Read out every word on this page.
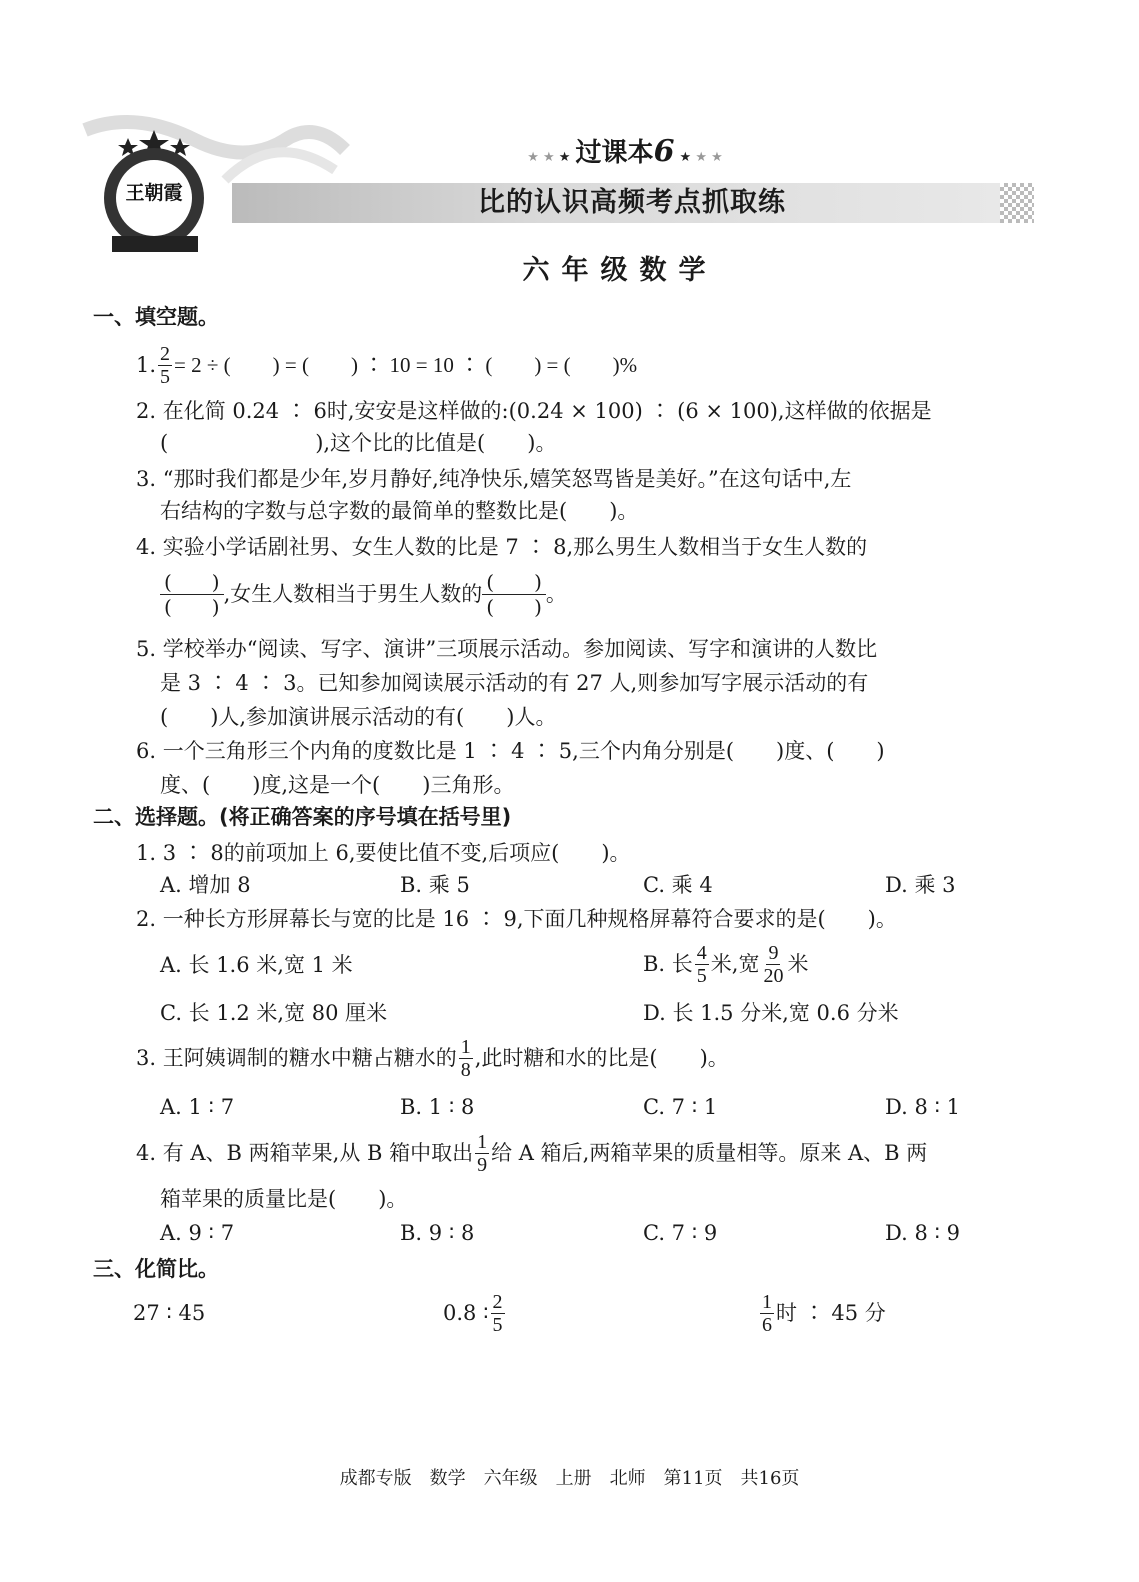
王朝霞
★ ★ ★ 过课本6 ★ ★ ★
比的认识高频考点抓取练
六年级数学
一、填空题。
1. $\frac{2}{5} = 2$ ÷ (　　) = (　　) ∶ 10 = 10 ∶ (　　) = (　　)%
2. 在化简 0.24 ∶ 6时,安安是这样做的:(0.24 × 100) ∶ (6 × 100),这样做的依据是
(　　　　　　　),这个比的比值是(　　)。
3. “那时我们都是少年,岁月静好,纯净快乐,嬉笑怒骂皆是美好。”在这句话中,左
右结构的字数与总字数的最简单的整数比是(　　)。
4. 实验小学话剧社男、女生人数的比是 7 ∶ 8,那么男生人数相当于女生人数的
(　　)
(　　)
,女生人数相当于男生人数的
(　　)
(　　)
。
5. 学校举办“阅读、写字、演讲”三项展示活动。参加阅读、写字和演讲的人数比
是 3 ∶ 4 ∶ 3。已知参加阅读展示活动的有 27 人,则参加写字展示活动的有
(　　)人,参加演讲展示活动的有(　　)人。
6. 一个三角形三个内角的度数比是 1 ∶ 4 ∶ 5,三个内角分别是(　　)度、(　　)
度、(　　)度,这是一个(　　)三角形。
二、选择题。(将正确答案的序号填在括号里)
1. 3 ∶ 8的前项加上 6,要使比值不变,后项应(　　)。
A. 增加 8	B. 乘 5	C. 乘 4	D. 乘 3
2. 一种长方形屏幕长与宽的比是 16 ∶ 9,下面几种规格屏幕符合要求的是(　　)。
A. 长 1.6 米,宽 1 米	B. 长 $\frac{4}{5}$ 米,宽 $\frac{9}{20}$ 米
C. 长 1.2 米,宽 80 厘米	D. 长 1.5 分米,宽 0.6 分米
3. 王阿姨调制的糖水中糖占糖水的 $\frac{1}{8}$ ,此时糖和水的比是(　　)。
A. 1 ∶ 7	B. 1 ∶ 8	C. 7 ∶ 1	D. 8 ∶ 1
4. 有 A、B 两箱苹果,从 B 箱中取出 $\frac{1}{9}$ 给 A 箱后,两箱苹果的质量相等。原来 A、B 两
箱苹果的质量比是(　　)。
A. 9 ∶ 7	B. 9 ∶ 8	C. 7 ∶ 9	D. 8 ∶ 9
三、化简比。
27 ∶ 45	0.8 ∶ $\frac{2}{5}$	$\frac{1}{6}$ 时 ∶ 45 分
成都专版　数学　六年级　上册　北师　第11页　共16页
